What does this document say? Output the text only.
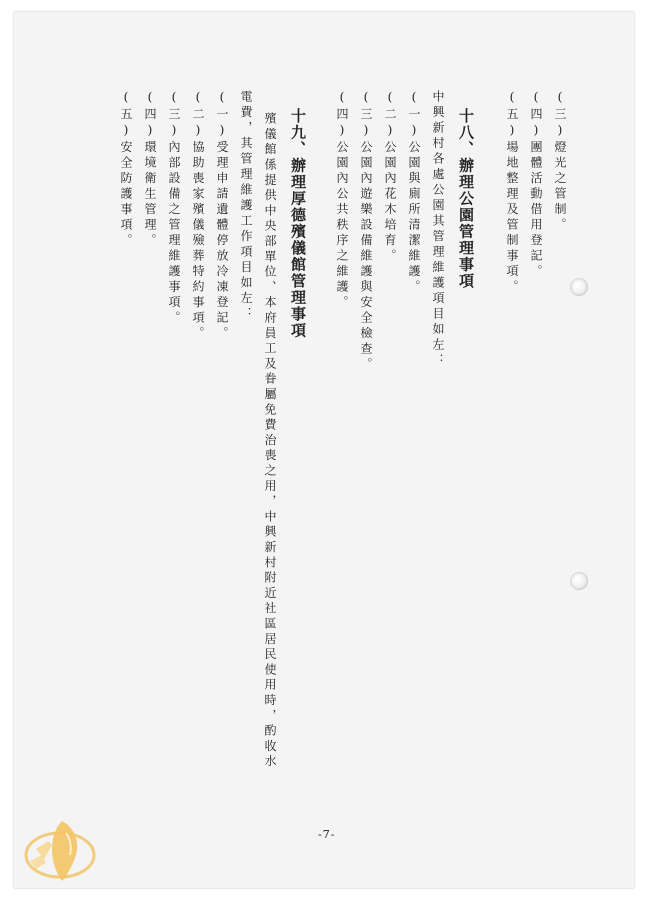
(三)燈光之管制。
(四)團體活動借用登記。
(五)場地整理及管制事項。
十八、辦理公園管理事項
中興新村各處公園其管理維護項目如左：
(一)公園與廁所清潔維護。
(二)公園內花木培育。
(三)公園內遊樂設備維護與安全檢查。
(四)公園內公共秩序之維護。
十九、辦理厚德殯儀館管理事項
殯儀館係提供中央部單位、本府員工及眷屬免費治喪之用，中興新村附近社區居民使用時，酌收水
電費，其管理維護工作項目如左：
(一)受理申請遺體停放冷凍登記。
(二)協助喪家殯儀殮葬特約事項。
(三)內部設備之管理維護事項。
(四)環境衛生管理。
(五)安全防護事項。
-7-
